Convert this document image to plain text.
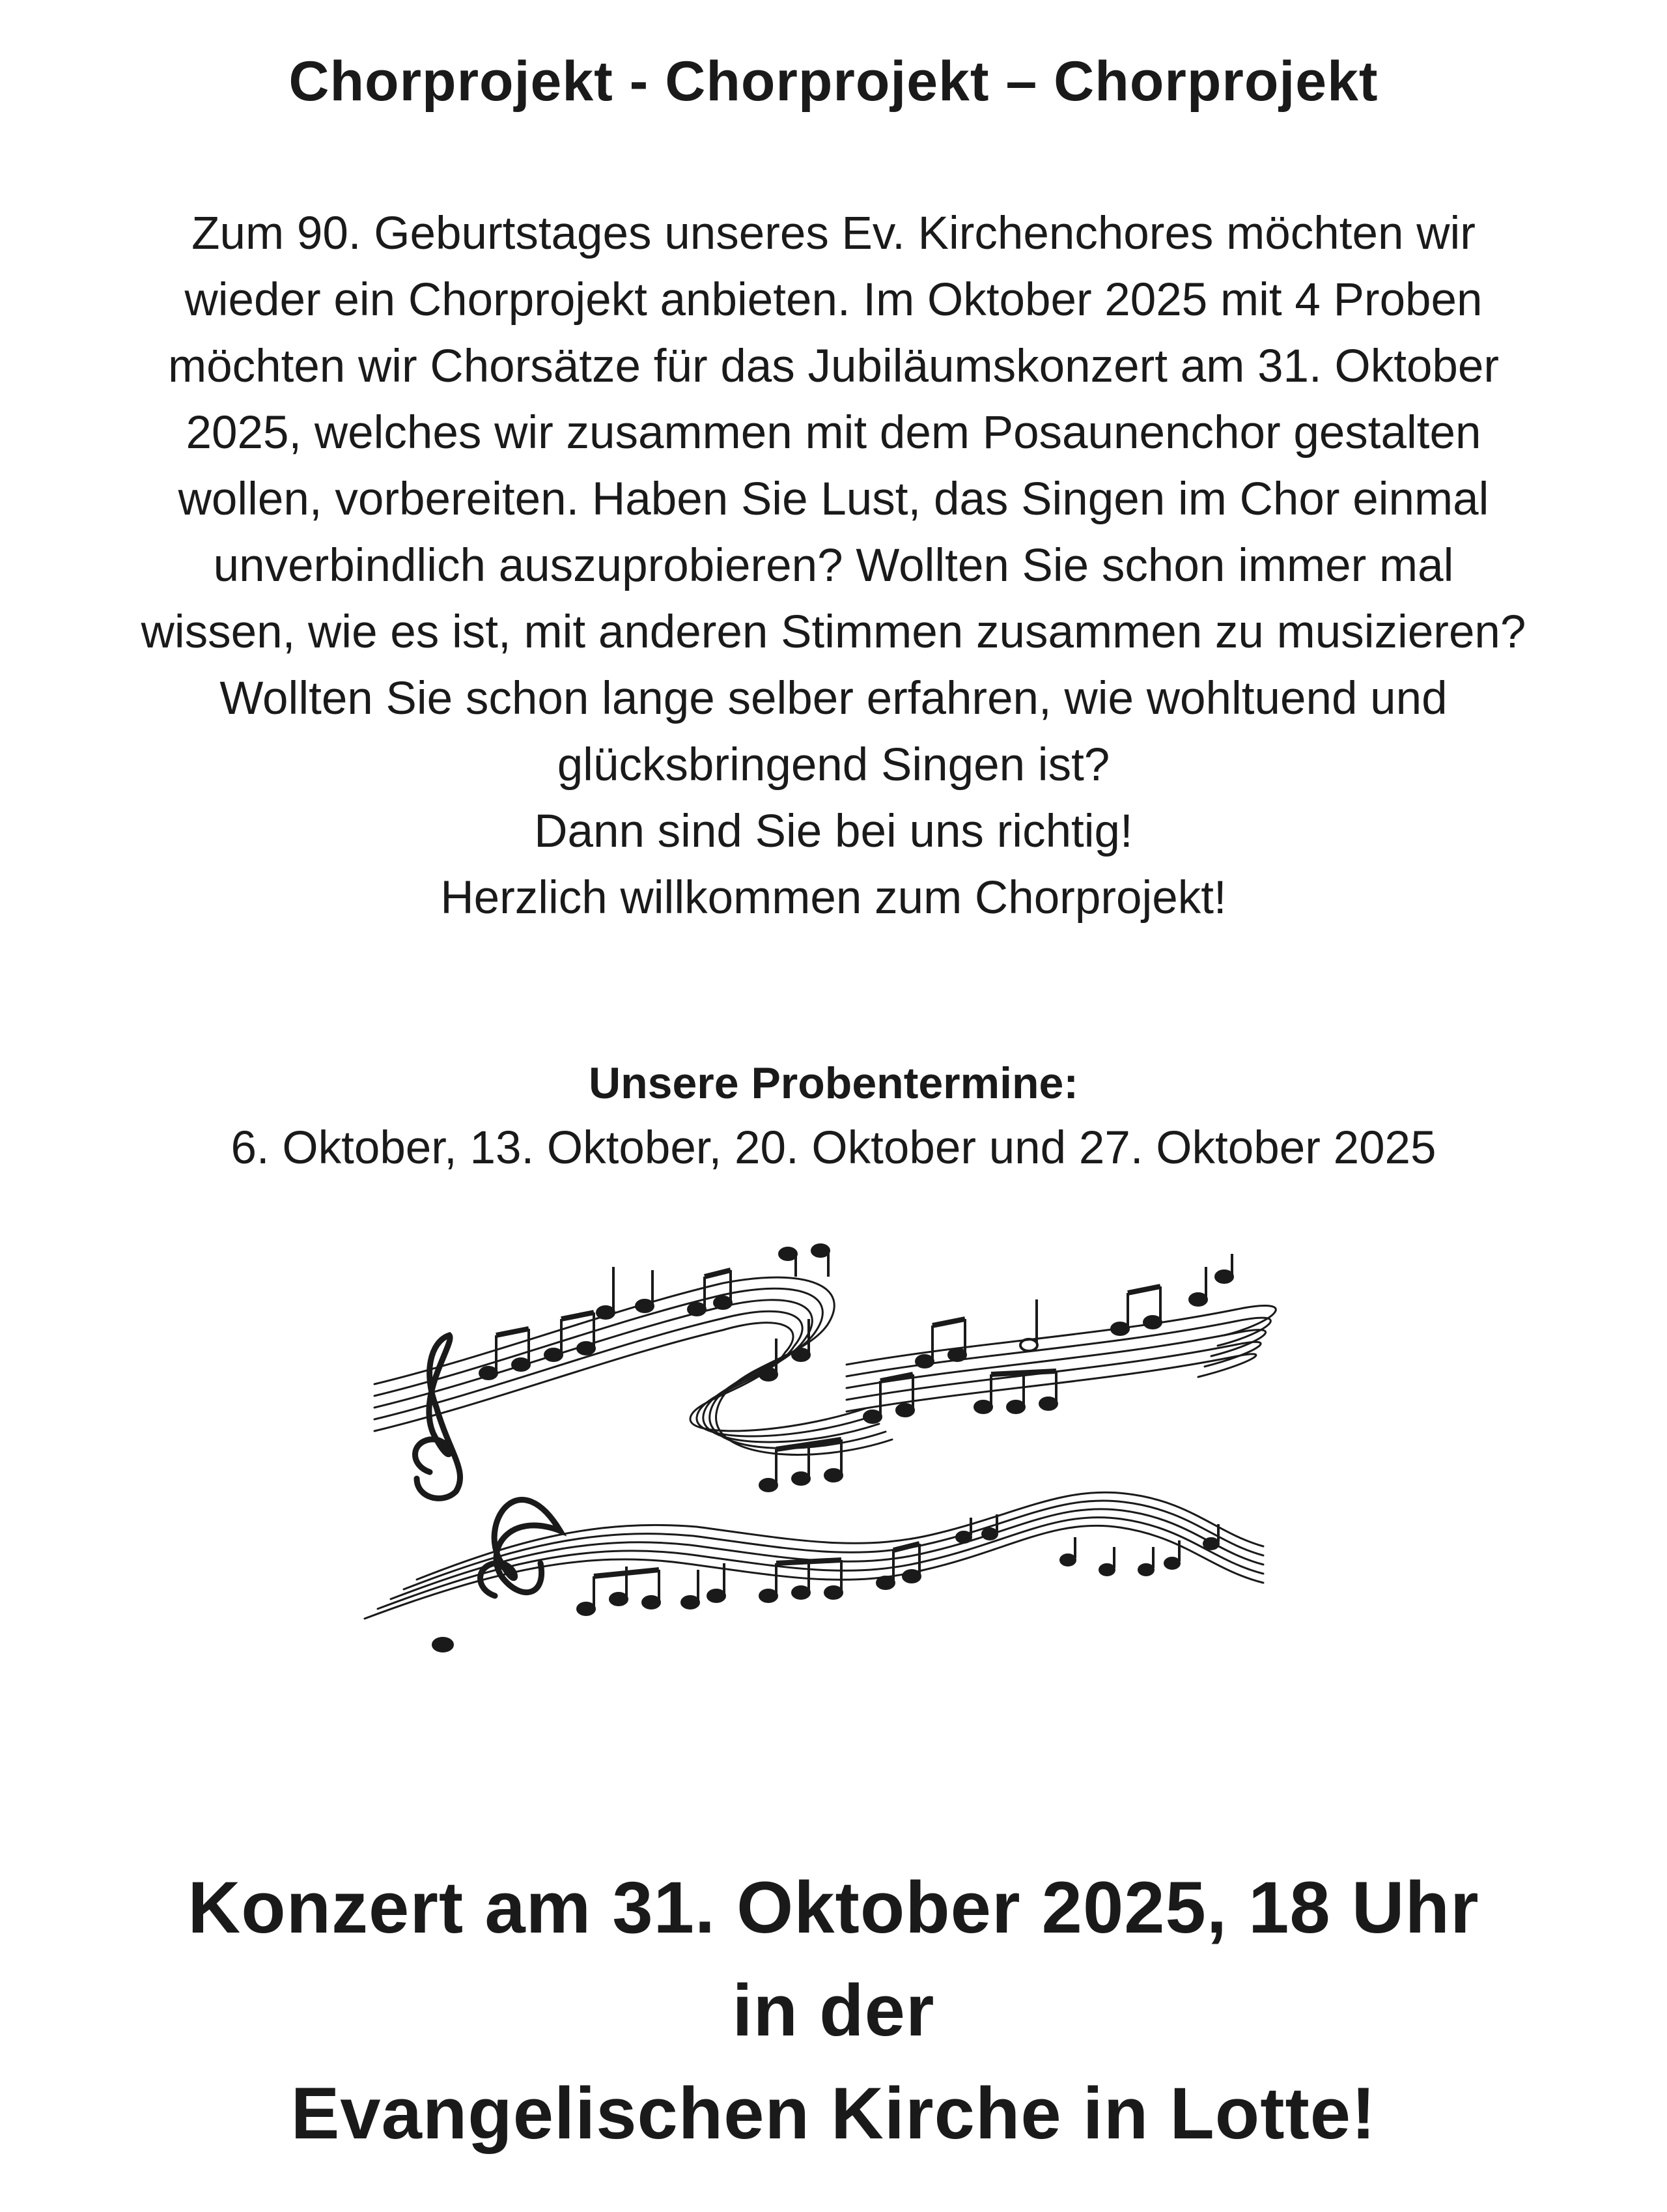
Chorprojekt - Chorprojekt – Chorprojekt
Zum 90. Geburtstages unseres Ev. Kirchenchores möchten wir
wieder ein Chorprojekt anbieten. Im Oktober 2025 mit 4 Proben
möchten wir Chorsätze für das Jubiläumskonzert am 31. Oktober
2025, welches wir zusammen mit dem Posaunenchor gestalten
wollen, vorbereiten. Haben Sie Lust, das Singen im Chor einmal
unverbindlich auszuprobieren? Wollten Sie schon immer mal
wissen, wie es ist, mit anderen Stimmen zusammen zu musizieren?
Wollten Sie schon lange selber erfahren, wie wohltuend und
glücksbringend Singen ist?
Dann sind Sie bei uns richtig!
Herzlich willkommen zum Chorprojekt!
Unsere Probentermine:
6. Oktober, 13. Oktober, 20. Oktober und 27. Oktober 2025
Konzert am 31. Oktober 2025, 18 Uhr
in der
Evangelischen Kirche in Lotte!
